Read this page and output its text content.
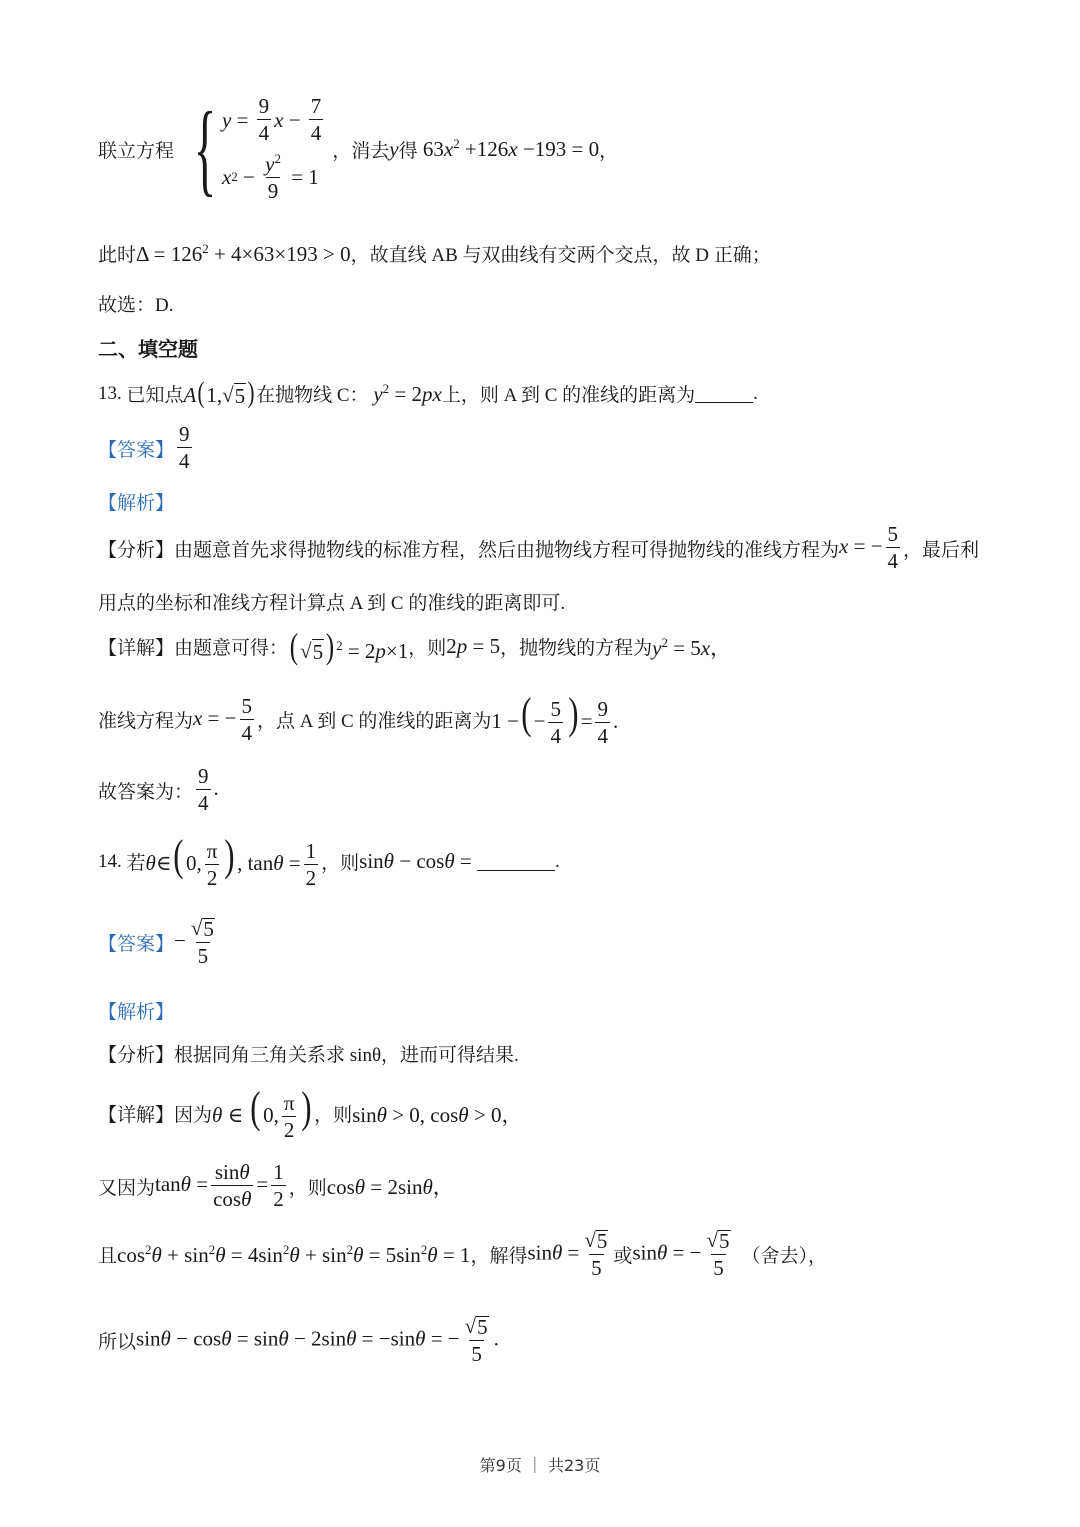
联立方程 { $y = \frac{9}{4}$ $x - \frac{7}{4}$
x $2 - \frac{y^2}{9} = 1$
，消去 y 得 $63x^2 +126x -193 = 0$ ，
此时 $\Delta = 126^2 + 4\times 63\times 193 > 0$ ，故直线 AB 与双曲线有交两个交点，故 D 正确；
故选：D.
二、填空题
13.
已知点 A(1,√ 5 ) 在抛物线 C：
$y^2 = 2px$ 上，则 A 到 C 的准线的距离为	.
【答案】 $\frac{9}{4}$
【解析】
【分析】 由题意首先求得抛物线的标准方程，然后由抛物线方程可得抛物线的准线方程为 x = − $\frac{5}{4}$ ，最后利
用点的坐标和准线方程计算点 A 到 C 的准线的距离即可.
【详解】 由题意可得： (√ 5 ) $^2$ = 2p×1 ，则 2p = 5 ，抛物线的方程为 $y^2 = 5x$，
准线方程为 x = − $\frac{5}{4}$ ，点 A 到 C 的准线的距离为 1 −( − $\frac{5}{4}$ ) = $\frac{9}{4}$ .
故答案为： $\frac{9}{4}$ .
14.
若 θ∈( 0, $\frac{\pi}{2}$ ) , $\tan\theta = \frac{1}{2}$ ，则 sinθ − cosθ =	.
【答案】 − $\frac{√ 5}{5}$
【解析】
【分析】 根据同角三角关系求 sinθ，进而可得结果.
【详解】 因为 θ ∈ ( 0, $\frac{\pi}{2}$ ) ，则 sinθ > 0, cosθ > 0，
又因为 $\tan\theta = \frac{\sin\theta}{\cos\theta} = \frac{1}{2}$ ，则 cosθ = 2sinθ，
且 $\cos^2\theta + \sin^2\theta = 4\sin^2\theta + \sin^2\theta = 5\sin^2\theta = 1$ ，解得 $\sin\theta = \frac{√ 5}{5}$ 或 sinθ = − $\frac{√ 5}{5}$ （舍去），
所以 sinθ − cosθ = sinθ − 2sinθ = −sinθ = − $\frac{√ 5}{5}$ .
第9页 ｜ 共23页
